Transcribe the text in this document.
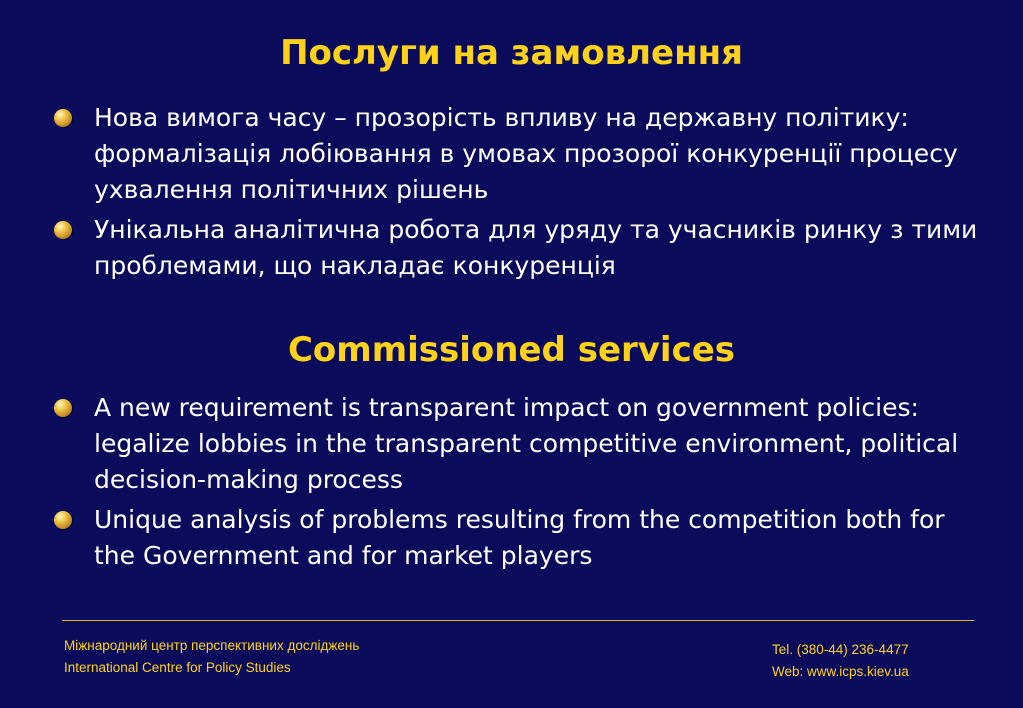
Послуги на замовлення
Нова вимога часу – прозорість впливу на державну політику: формалізація лобіювання в умовах прозорої конкуренції процесу ухвалення політичних рішень
Унікальна аналітична робота для уряду та учасників ринку з тими проблемами, що накладає конкуренція
Commissioned services
A new requirement is transparent impact on government policies: legalize lobbies in the transparent competitive environment, political decision-making process
Unique analysis of problems resulting from the competition both for the Government and for market players
Міжнародний центр перспективних досліджень
International Centre for Policy Studies
Tel. (380-44) 236-4477
Web: www.icps.kiev.ua
